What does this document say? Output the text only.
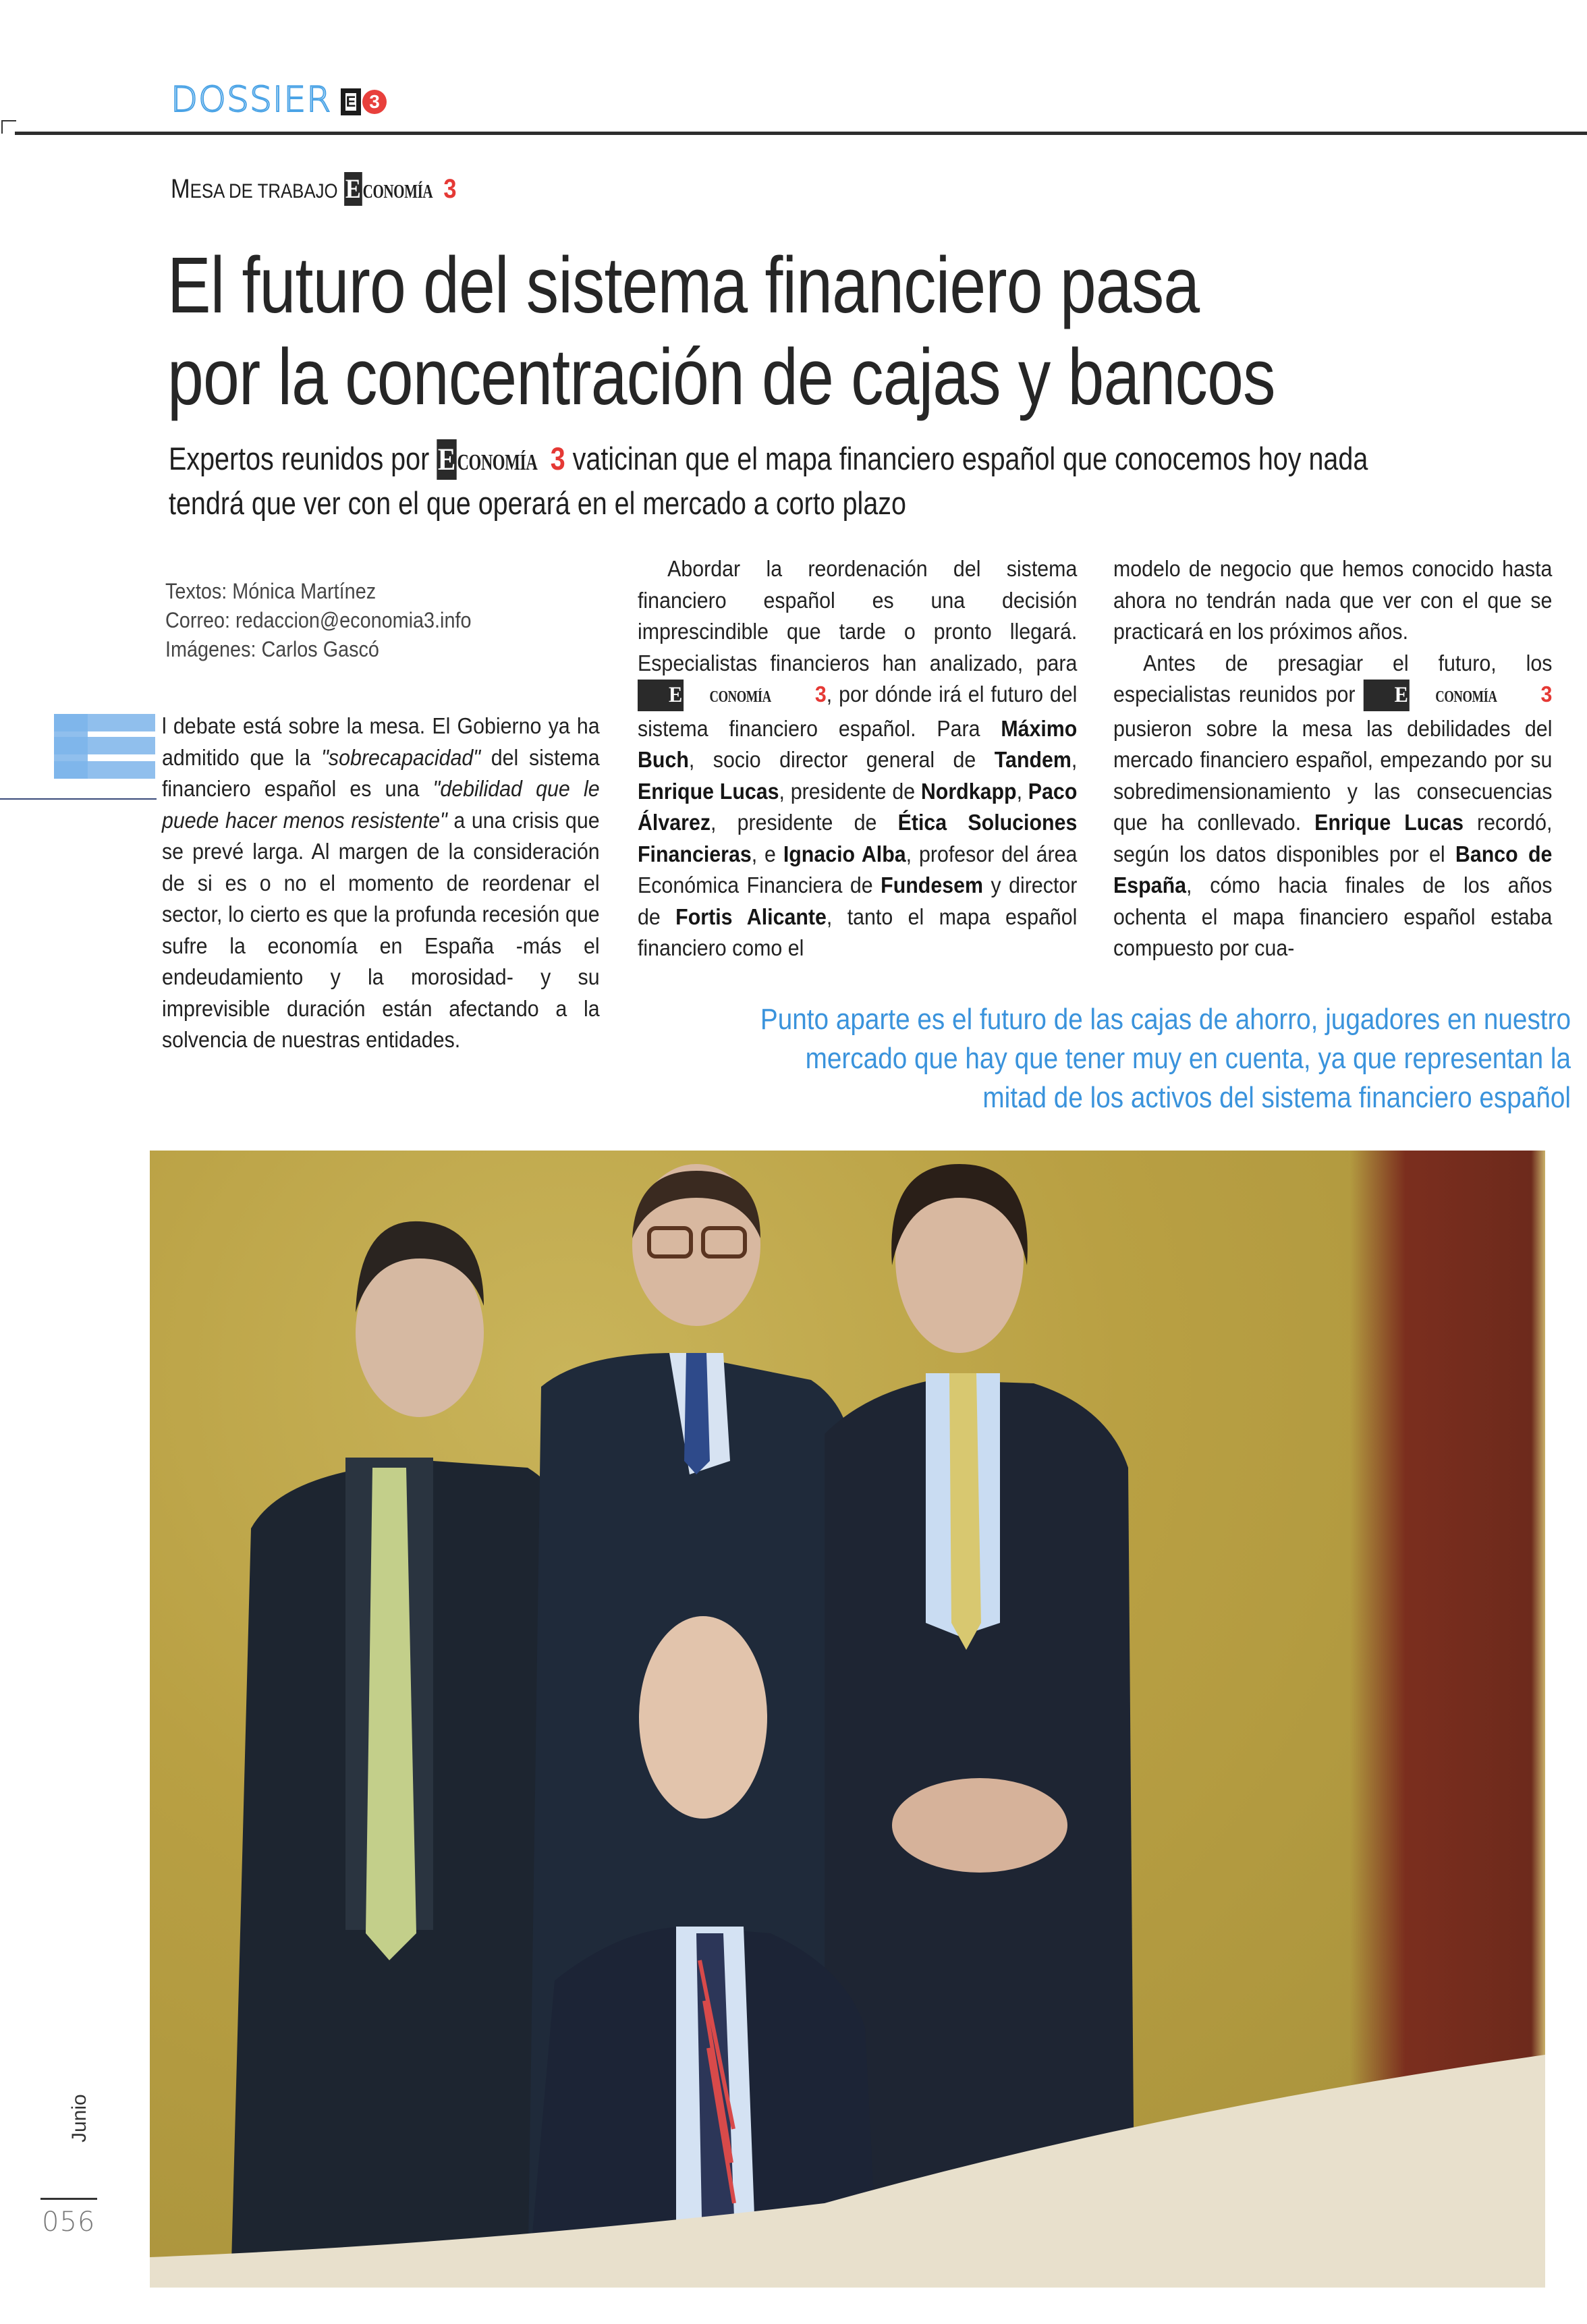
DOSSIER E 3
MESA DE TRABAJO E CONOMÍA 3
El futuro del sistema financiero pasa por la concentración de cajas y bancos

Expertos reunidos por E CONOMÍA 3 vaticinan que el mapa financiero español que conocemos hoy nada tendrá que ver con el que operará en el mercado a corto plazo

Textos: Mónica Martínez
Correo: redaccion@economia3.info
Imágenes: Carlos Gascó

l debate está sobre la mesa. El Gobierno ya ha admitido que la "sobrecapacidad" del sistema financiero español es una "debilidad que le puede hacer menos resistente" a una crisis que se prevé larga. Al margen de la consideración de si es o no el momento de reordenar el sector, lo cierto es que la profunda recesión que sufre la economía en España -más el endeudamiento y la morosidad- y su imprevisible duración están afectando a la solvencia de nuestras entidades.

Abordar la reordenación del sistema financiero español es una decisión imprescindible que tarde o pronto llegará. Especialistas financieros han analizado, para
E	CONOMÍA	3 , por dónde irá el futuro del sistema financiero español. Para Máximo Buch, socio director general de Tandem, Enrique Lucas, presidente de Nordkapp, Paco Álvarez, presidente de Ética Soluciones Financieras, e Ignacio Alba, profesor del área Económica Financiera de Fundesem y director de Fortis Alicante, tanto el mapa español financiero como el

modelo de negocio que hemos conocido hasta ahora no tendrán nada que ver con el que se practicará en los próximos años.

Antes de presagiar el futuro, los especialistas reunidos por	E	CONOMÍA	3
pusieron sobre la mesa las debilidades del mercado financiero español, empezando por su sobredimensionamiento y las consecuencias que ha conllevado. Enrique Lucas recordó, según los datos disponibles por el Banco de España, cómo hacia finales de los años ochenta el mapa financiero español estaba compuesto por cua-

Punto aparte es el futuro de las cajas de ahorro, jugadores en nuestro mercado que hay que tener muy en cuenta, ya que representan la mitad de los activos del sistema financiero español

Junio
056
